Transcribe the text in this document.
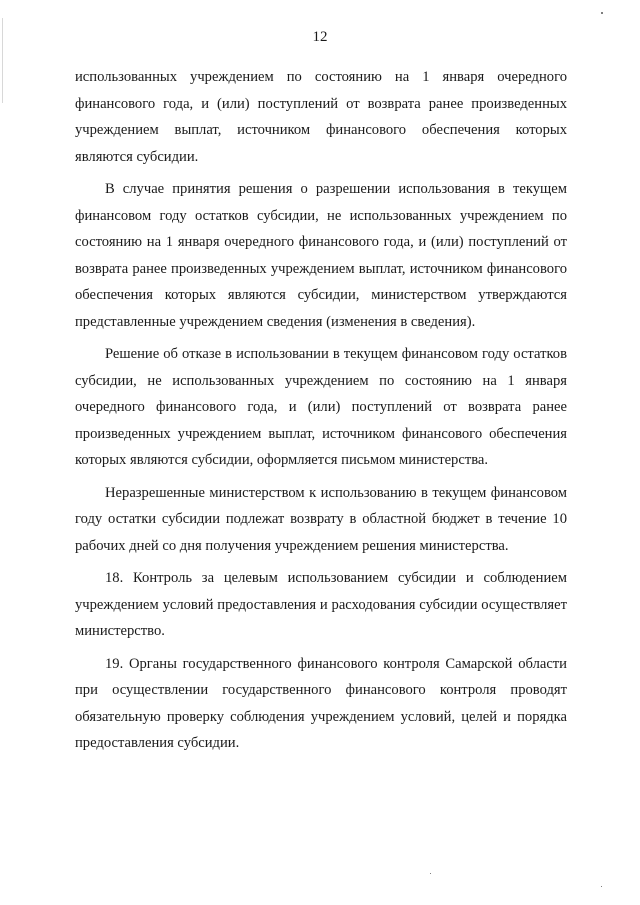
12

использованных учреждением по состоянию на 1 января очередного финансового года, и (или) поступлений от возврата ранее произведенных учреждением выплат, источником финансового обеспечения которых являются субсидии.

В случае принятия решения о разрешении использования в текущем финансовом году остатков субсидии, не использованных учреждением по состоянию на 1 января очередного финансового года, и (или) поступлений от возврата ранее произведенных учреждением выплат, источником финансового обеспечения которых являются субсидии, министерством утверждаются представленные учреждением сведения (изменения в сведения).

Решение об отказе в использовании в текущем финансовом году остатков субсидии, не использованных учреждением по состоянию на 1 января очередного финансового года, и (или) поступлений от возврата ранее произведенных учреждением выплат, источником финансового обеспечения которых являются субсидии, оформляется письмом министерства.

Неразрешенные министерством к использованию в текущем финансовом году остатки субсидии подлежат возврату в областной бюджет в течение 10 рабочих дней со дня получения учреждением решения министерства.

18. Контроль за целевым использованием субсидии и соблюдением учреждением условий предоставления и расходования субсидии осуществляет министерство.

19. Органы государственного финансового контроля Самарской области при осуществлении государственного финансового контроля проводят обязательную проверку соблюдения учреждением условий, целей и порядка предоставления субсидии.
